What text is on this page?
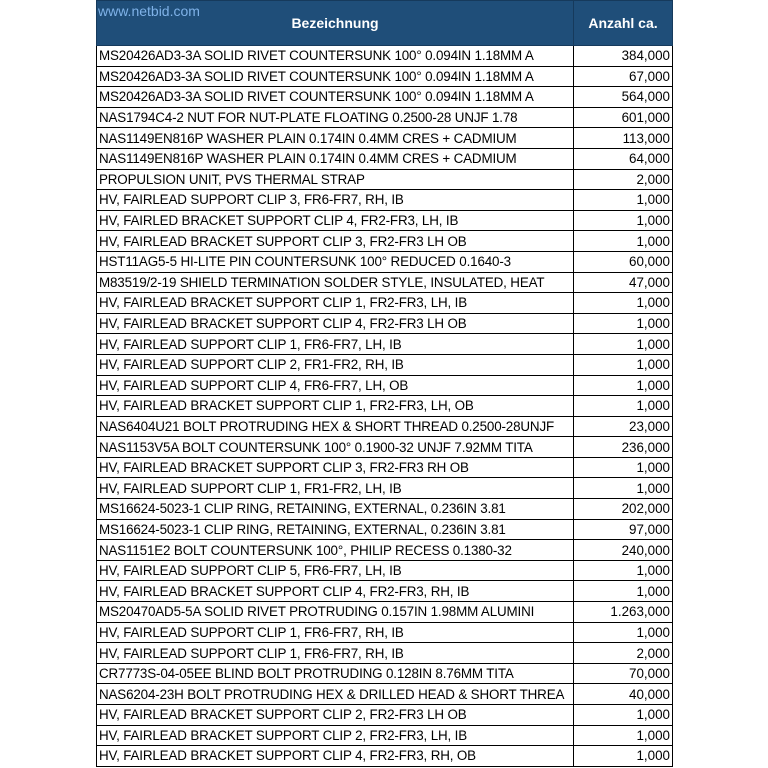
www.netbid.com
Bezeichnung	Anzahl ca.
MS20426AD3-3A SOLID RIVET COUNTERSUNK 100° 0.094IN 1.18MM A	384,000
MS20426AD3-3A SOLID RIVET COUNTERSUNK 100° 0.094IN 1.18MM A	67,000
MS20426AD3-3A SOLID RIVET COUNTERSUNK 100° 0.094IN 1.18MM A	564,000
NAS1794C4-2 NUT FOR NUT-PLATE FLOATING 0.2500-28 UNJF 1.78	601,000
NAS1149EN816P WASHER PLAIN 0.174IN 0.4MM CRES + CADMIUM	113,000
NAS1149EN816P WASHER PLAIN 0.174IN 0.4MM CRES + CADMIUM	64,000
PROPULSION UNIT, PVS THERMAL STRAP	2,000
HV, FAIRLEAD SUPPORT CLIP 3, FR6-FR7, RH, IB	1,000
HV, FAIRLED BRACKET SUPPORT CLIP 4, FR2-FR3, LH, IB	1,000
HV, FAIRLEAD BRACKET SUPPORT CLIP 3, FR2-FR3 LH OB	1,000
HST11AG5-5 HI-LITE PIN COUNTERSUNK 100° REDUCED 0.1640-3	60,000
M83519/2-19 SHIELD TERMINATION SOLDER STYLE, INSULATED, HEAT	47,000
HV, FAIRLEAD BRACKET SUPPORT CLIP 1, FR2-FR3, LH, IB	1,000
HV, FAIRLEAD BRACKET SUPPORT CLIP 4, FR2-FR3 LH OB	1,000
HV, FAIRLEAD SUPPORT CLIP 1, FR6-FR7, LH, IB	1,000
HV, FAIRLEAD SUPPORT CLIP 2, FR1-FR2, RH, IB	1,000
HV, FAIRLEAD SUPPORT CLIP 4, FR6-FR7, LH, OB	1,000
HV, FAIRLEAD BRACKET SUPPORT CLIP 1, FR2-FR3, LH, OB	1,000
NAS6404U21 BOLT PROTRUDING HEX & SHORT THREAD 0.2500-28UNJF	23,000
NAS1153V5A BOLT COUNTERSUNK 100° 0.1900-32 UNJF 7.92MM TITA	236,000
HV, FAIRLEAD BRACKET SUPPORT CLIP 3, FR2-FR3 RH OB	1,000
HV, FAIRLEAD SUPPORT CLIP 1, FR1-FR2, LH, IB	1,000
MS16624-5023-1 CLIP RING, RETAINING, EXTERNAL, 0.236IN 3.81	202,000
MS16624-5023-1 CLIP RING, RETAINING, EXTERNAL, 0.236IN 3.81	97,000
NAS1151E2 BOLT COUNTERSUNK 100°, PHILIP RECESS 0.1380-32	240,000
HV, FAIRLEAD SUPPORT CLIP 5, FR6-FR7, LH, IB	1,000
HV, FAIRLEAD BRACKET SUPPORT CLIP 4, FR2-FR3, RH, IB	1,000
MS20470AD5-5A SOLID RIVET PROTRUDING 0.157IN 1.98MM ALUMINI	1.263,000
HV, FAIRLEAD SUPPORT CLIP 1, FR6-FR7, RH, IB	1,000
HV, FAIRLEAD SUPPORT CLIP 1, FR6-FR7, RH, IB	2,000
CR7773S-04-05EE BLIND BOLT PROTRUDING 0.128IN 8.76MM TITA	70,000
NAS6204-23H BOLT PROTRUDING HEX & DRILLED HEAD & SHORT THREA	40,000
HV, FAIRLEAD BRACKET SUPPORT CLIP 2, FR2-FR3 LH OB	1,000
HV, FAIRLEAD BRACKET SUPPORT CLIP 2, FR2-FR3, LH, IB	1,000
HV, FAIRLEAD BRACKET SUPPORT CLIP 4, FR2-FR3, RH, OB	1,000
